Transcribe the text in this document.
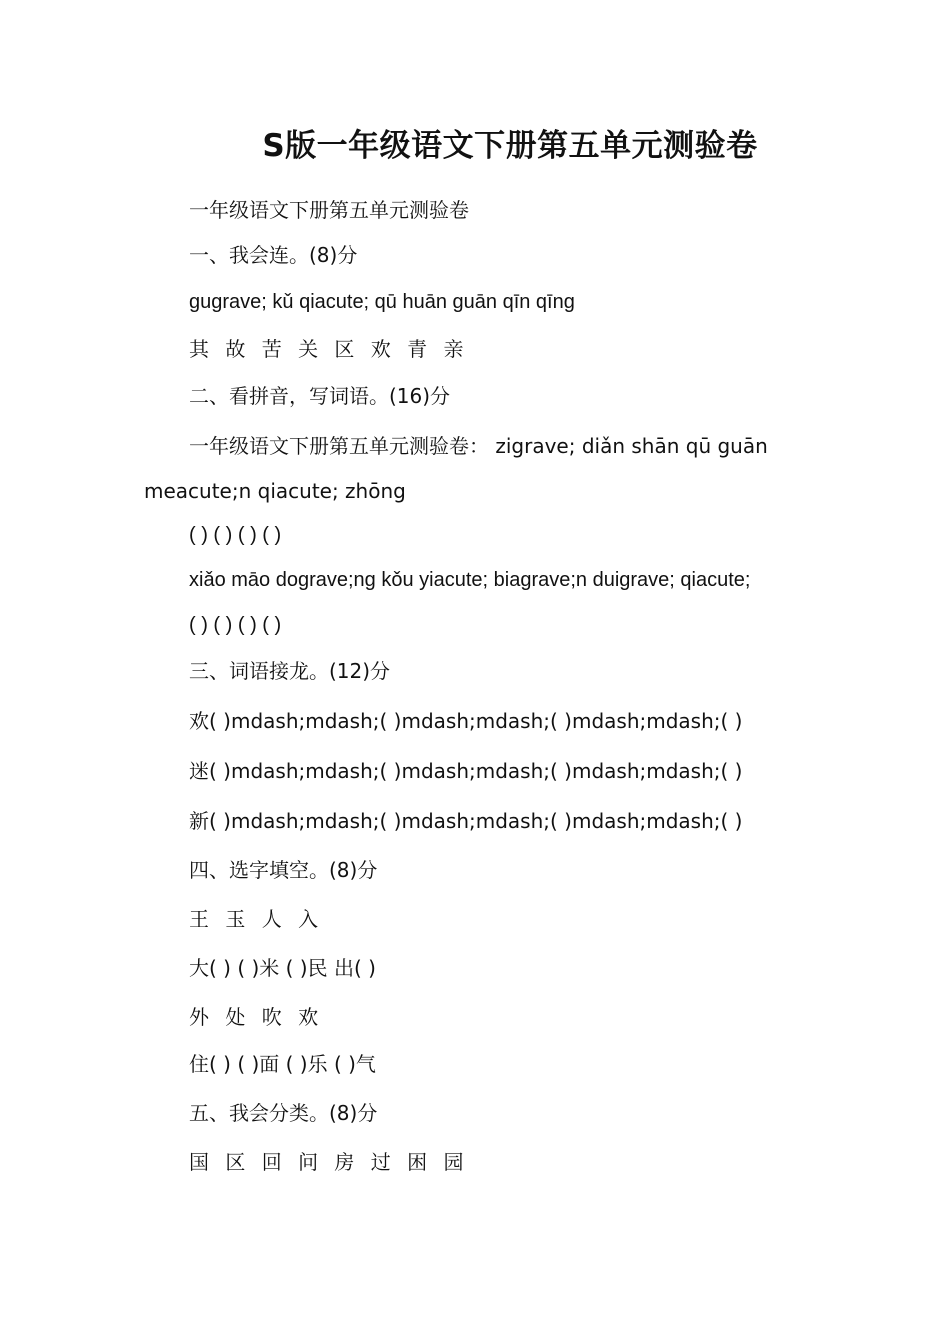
S版一年级语文下册第五单元测验卷
一年级语文下册第五单元测验卷
一、我会连。(8)分
gugrave; kǔ qiacute; qū huān guān qīn qīng
其 故 苦 关 区 欢 青 亲
二、看拼音，写词语。(16)分
一年级语文下册第五单元测验卷： zigrave; diǎn shān qū guān meacute;n qiacute; zhōng
( ) ( ) ( ) ( )
xiǎo māo dograve;ng kǒu yiacute; biagrave;n duigrave; qiacute;
( ) ( ) ( ) ( )
三、词语接龙。(12)分
欢( )mdash;mdash;( )mdash;mdash;( )mdash;mdash;( )
迷( )mdash;mdash;( )mdash;mdash;( )mdash;mdash;( )
新( )mdash;mdash;( )mdash;mdash;( )mdash;mdash;( )
四、选字填空。(8)分
王 玉 人 入
大( ) ( )米 ( )民 出( )
外 处 吹 欢
住( ) ( )面 ( )乐 ( )气
五、我会分类。(8)分
国 区 回 问 房 过 困 园
